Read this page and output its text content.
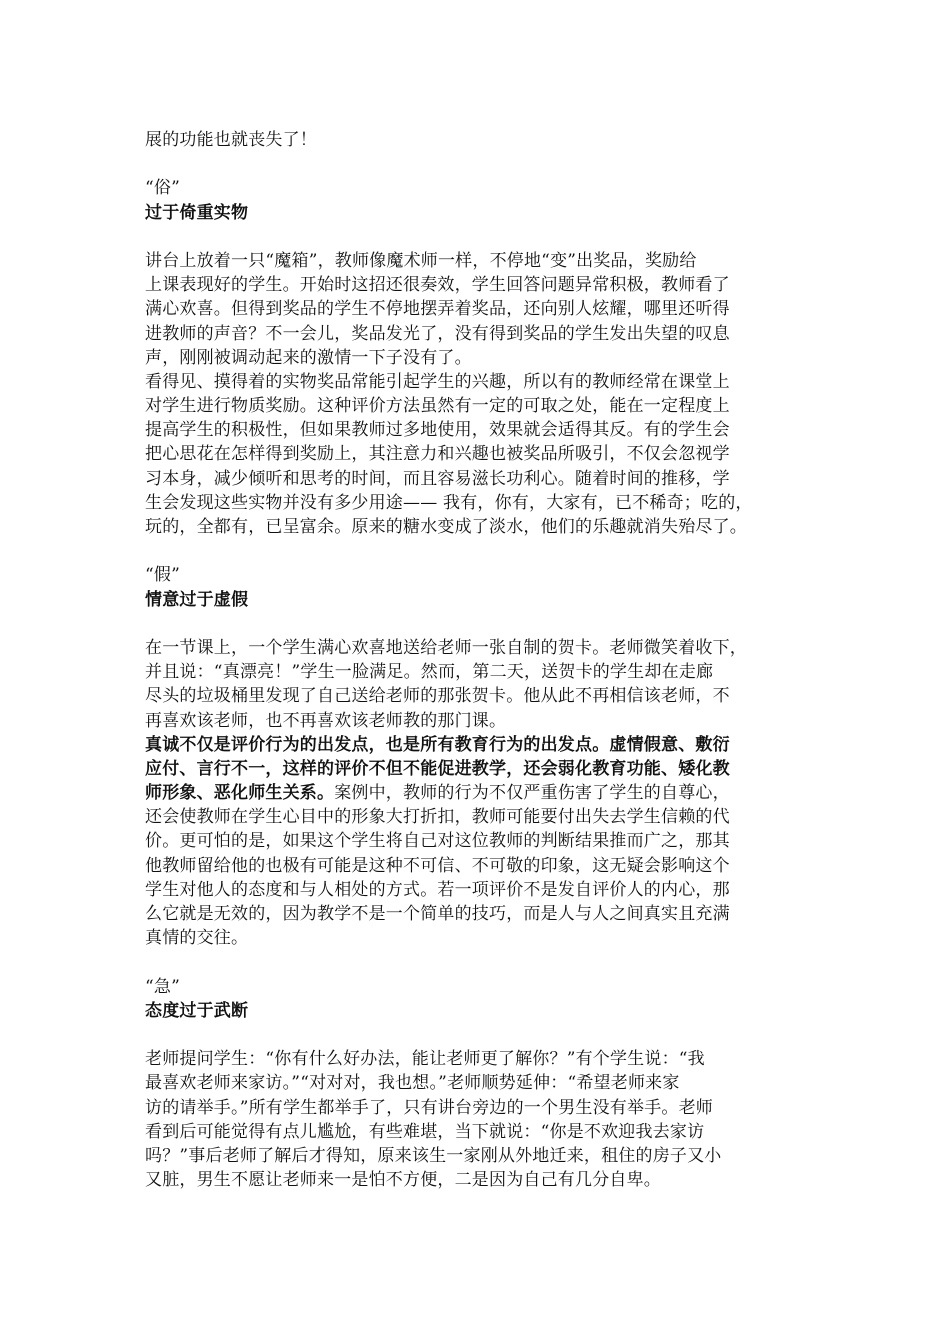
展的功能也就丧失了！
“俗”
过于倚重实物
讲台上放着一只“魔箱”，教师像魔术师一样，不停地“变”出奖品，奖励给
上课表现好的学生。开始时这招还很奏效，学生回答问题异常积极，教师看了
满心欢喜。但得到奖品的学生不停地摆弄着奖品，还向别人炫耀，哪里还听得
进教师的声音？不一会儿，奖品发光了，没有得到奖品的学生发出失望的叹息
声，刚刚被调动起来的激情一下子没有了。
看得见、摸得着的实物奖品常能引起学生的兴趣，所以有的教师经常在课堂上
对学生进行物质奖励。这种评价方法虽然有一定的可取之处，能在一定程度上
提高学生的积极性，但如果教师过多地使用，效果就会适得其反。有的学生会
把心思花在怎样得到奖励上，其注意力和兴趣也被奖品所吸引，不仅会忽视学
习本身，减少倾听和思考的时间，而且容易滋长功利心。随着时间的推移，学
生会发现这些实物并没有多少用途—— 我有，你有，大家有，已不稀奇；吃的，
玩的，全都有，已呈富余。原来的糖水变成了淡水，他们的乐趣就消失殆尽了。
“假”
情意过于虚假
在一节课上，一个学生满心欢喜地送给老师一张自制的贺卡。老师微笑着收下，
并且说：“真漂亮！”学生一脸满足。然而，第二天，送贺卡的学生却在走廊
尽头的垃圾桶里发现了自己送给老师的那张贺卡。他从此不再相信该老师，不
再喜欢该老师，也不再喜欢该老师教的那门课。
真诚不仅是评价行为的出发点，也是所有教育行为的出发点。虚情假意、敷衍
应付、言行不一，这样的评价不但不能促进教学，还会弱化教育功能、矮化教
师形象、恶化师生关系。案例中，教师的行为不仅严重伤害了学生的自尊心，
还会使教师在学生心目中的形象大打折扣，教师可能要付出失去学生信赖的代
价。更可怕的是，如果这个学生将自己对这位教师的判断结果推而广之，那其
他教师留给他的也极有可能是这种不可信、不可敬的印象，这无疑会影响这个
学生对他人的态度和与人相处的方式。若一项评价不是发自评价人的内心，那
么它就是无效的，因为教学不是一个简单的技巧，而是人与人之间真实且充满
真情的交往。
“急”
态度过于武断
老师提问学生：“你有什么好办法，能让老师更了解你？”有个学生说：“我
最喜欢老师来家访。”“对对对，我也想。”老师顺势延伸：“希望老师来家
访的请举手。”所有学生都举手了，只有讲台旁边的一个男生没有举手。老师
看到后可能觉得有点儿尴尬，有些难堪，当下就说：“你是不欢迎我去家访
吗？”事后老师了解后才得知，原来该生一家刚从外地迁来，租住的房子又小
又脏，男生不愿让老师来一是怕不方便，二是因为自己有几分自卑。
